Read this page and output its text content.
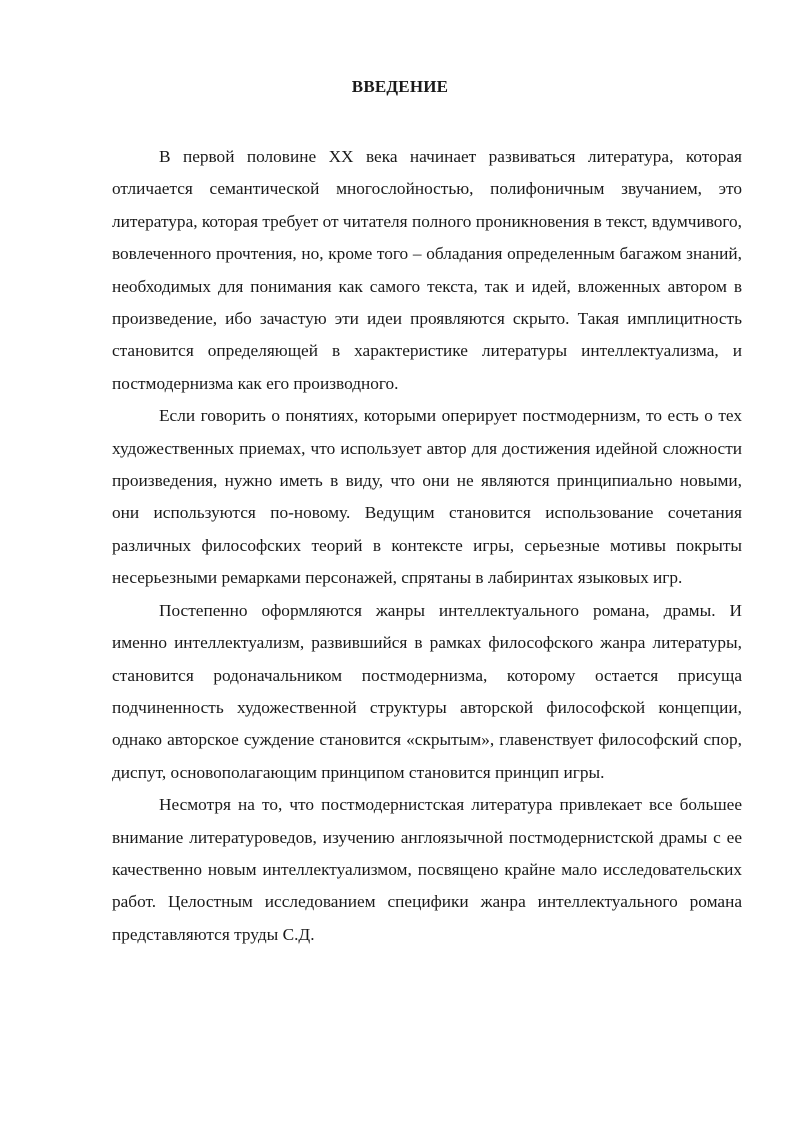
ВВЕДЕНИЕ

В первой половине XX века начинает развиваться литература, которая отличается семантической многослойностью, полифоничным звучанием, это литература, которая требует от читателя полного проникновения в текст, вдумчивого, вовлеченного прочтения, но, кроме того – обладания определенным багажом знаний, необходимых для понимания как самого текста, так и идей, вложенных автором в произведение, ибо зачастую эти идеи проявляются скрыто. Такая имплицитность становится определяющей в характеристике литературы интеллектуализма, и постмодернизма как его производного.

Если говорить о понятиях, которыми оперирует постмодернизм, то есть о тех художественных приемах, что использует автор для достижения идейной сложности произведения, нужно иметь в виду, что они не являются принципиально новыми, они используются по-новому. Ведущим становится использование сочетания различных философских теорий в контексте игры, серьезные мотивы покрыты несерьезными ремарками персонажей, спрятаны в лабиринтах языковых игр.

Постепенно оформляются жанры интеллектуального романа, драмы. И именно интеллектуализм, развившийся в рамках философского жанра литературы, становится родоначальником постмодернизма, которому остается присуща подчиненность художественной структуры авторской философской концепции, однако авторское суждение становится «скрытым», главенствует философский спор, диспут, основополагающим принципом становится принцип игры.

Несмотря на то, что постмодернистская литература привлекает все большее внимание литературоведов, изучению англоязычной постмодернистской драмы с ее качественно новым интеллектуализмом, посвящено крайне мало исследовательских работ. Целостным исследованием специфики жанра интеллектуального романа представляются труды С.Д.
